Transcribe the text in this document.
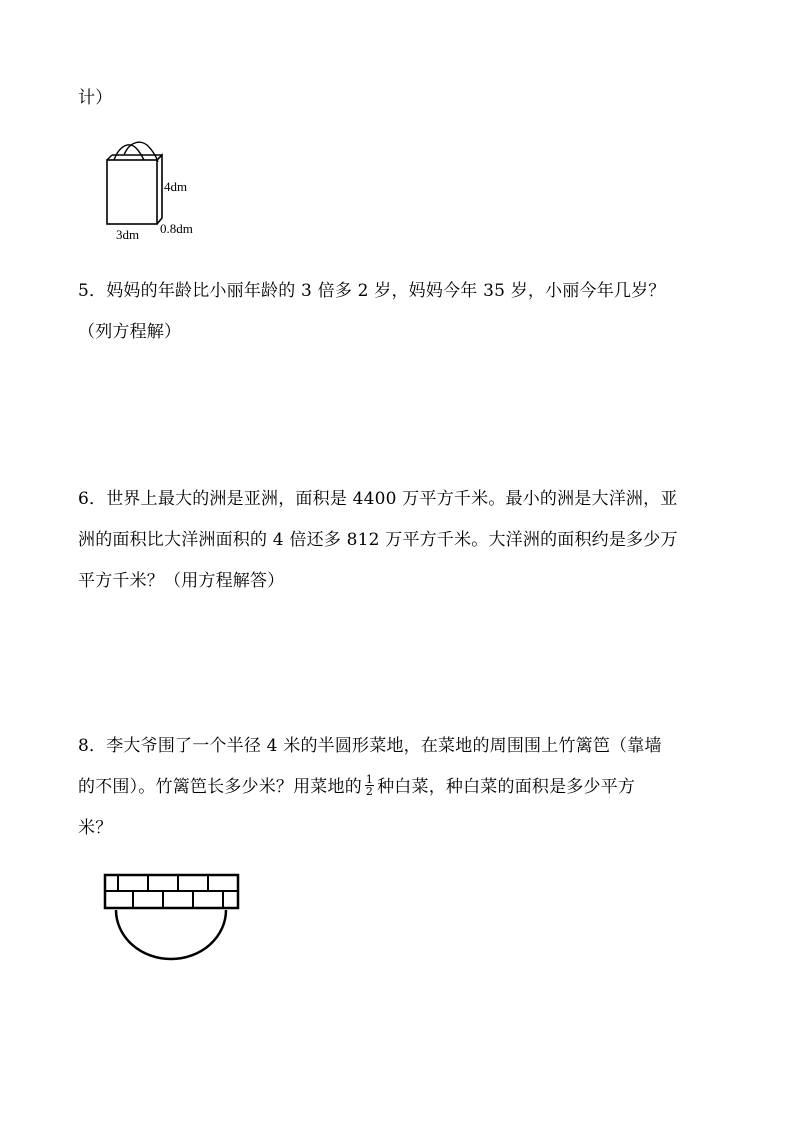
计）
4dm
3dm 0.8dm
5．妈妈的年龄比小丽年龄的 3 倍多 2 岁，妈妈今年 35 岁，小丽今年几岁？
（列方程解）
6．世界上最大的洲是亚洲，面积是 4400 万平方千米。最小的洲是大洋洲，亚
洲的面积比大洋洲面积的 4 倍还多 812 万平方千米。大洋洲的面积约是多少万
平方千米？（用方程解答）
8．李大爷围了一个半径 4 米的半圆形菜地，在菜地的周围围上竹篱笆（靠墙
的不围）。竹篱笆长多少米？用菜地的 $\frac{1}{2}$ 种白菜，种白菜的面积是多少平方
米？
